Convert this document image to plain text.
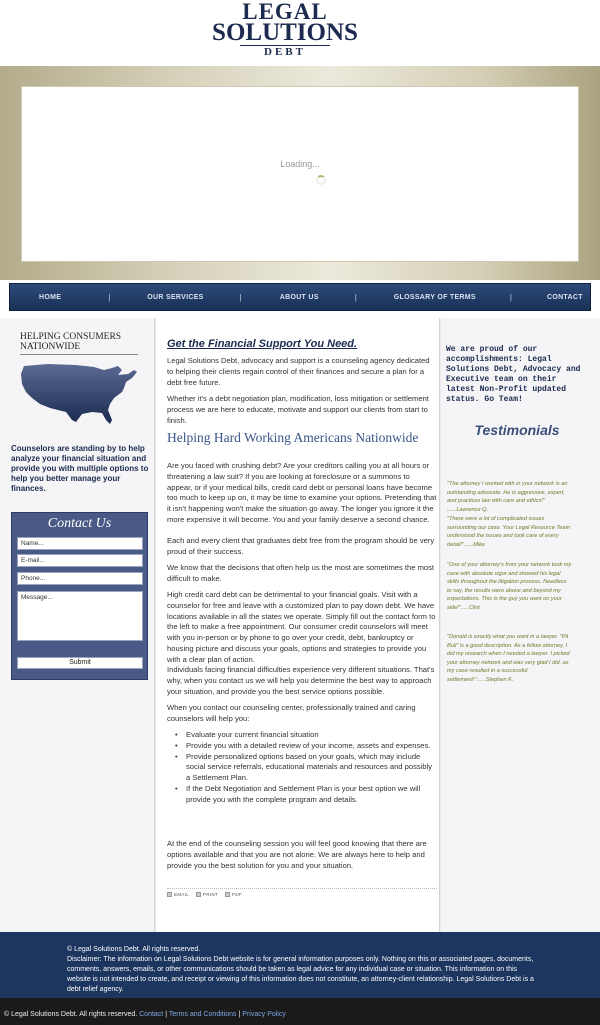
LEGAL
SOLUTIONS
DEBT
Loading...
HOME	|	OUR SERVICES	|	ABOUT US	|	GLOSSARY OF TERMS	|	CONTACT
HELPING CONSUMERS
NATIONWIDE
Counselors are standing by to help analyze your financial situation and provide you with multiple options to help you better manage your finances.
Contact Us
Name...
E-mail...
Phone...
Message...
Submit
Get the Financial Support You Need.
Legal Solutions Debt, advocacy and support is a counseling agency dedicated to helping their clients regain control of their finances and secure a plan for a debt free future.
Whether it's a debt negotiation plan, modification, loss mitigation or settlement process we are here to educate, motivate and support our clients from start to finish.
Helping Hard Working Americans Nationwide
Are you faced with crushing debt? Are your creditors calling you at all hours or threatening a law suit? If you are looking at foreclosure or a summons to appear, or if your medical bills, credit card debt or personal loans have become too much to keep up on, it may be time to examine your options. Pretending that it isn't happening won't make the situation go away. The longer you ignore it the more expensive it will become. You and your family deserve a second chance.
Each and every client that graduates debt free from the program should be very proud of their success.
We know that the decisions that often help us the most are sometimes the most difficult to make.
High credit card debt can be detrimental to your financial goals. Visit with a counselor for free and leave with a customized plan to pay down debt. We have locations available in all the states we operate. Simply fill out the contact form to the left to make a free appointment. Our consumer credit counselors will meet with you in-person or by phone to go over your credit, debt, bankruptcy or housing picture and discuss your goals, options and strategies to provide you with a clear plan of action.
Individuals facing financial difficulties experience very different situations. That's why, when you contact us we will help you determine the best way to approach your situation, and provide you the best service options possible.
When you contact our counseling center, professionally trained and caring counselors will help you:
• Evaluate your current financial situation
• Provide you with a detailed review of your income, assets and expenses.
• Provide personalized options based on your goals, which may include social service referrals, educational materials and resources and possibly a Settlement Plan.
• If the Debt Negotiation and Settlement Plan is your best option we will provide you with the complete program and details.
At the end of the counseling session you will feel good knowing that there are options available and that you are not alone. We are always here to help and provide you the best solution for you and your situation.
EMAIL	PRINT	PDF
We are proud of our accomplishments: Legal Solutions Debt, Advocacy and Executive team on their latest Non-Profit updated status. Go Team!
Testimonials
"The attorney I worked with in your network is an outstanding advocate. He is aggressive, expert, and practices law with care and ethics!" ......Lawrence Q.
"There were a lot of complicated issues surrounding our case. Your Legal Resource Team understood the issues and took care of every detail!"......Mike
"One of your attorney's from your network took my case with absolute vigor and showed his legal skills throughout the litigation process. Needless to say, the results were above and beyond my expectations. This is the guy you want on your side!".....Clint
"Donald is exactly what you want in a lawyer. "Pit Bull" is a good description. As a fellow attorney, I did my research when I needed a lawyer. I picked your attorney network and was very glad I did, as my case resulted in a successful settlement!"......Stephen K.
© Legal Solutions Debt. All rights reserved.
Disclaimer: The information on Legal Solutions Debt website is for general information purposes only. Nothing on this or associated pages, documents, comments, answers, emails, or other communications should be taken as legal advice for any individual case or situation. This information on this website is not intended to create, and receipt or viewing of this information does not constitute, an attorney-client relationship. Legal Solutions Debt is a debt relief agency.
© Legal Solutions Debt. All rights reserved. Contact | Terms and Conditions | Privacy Policy
